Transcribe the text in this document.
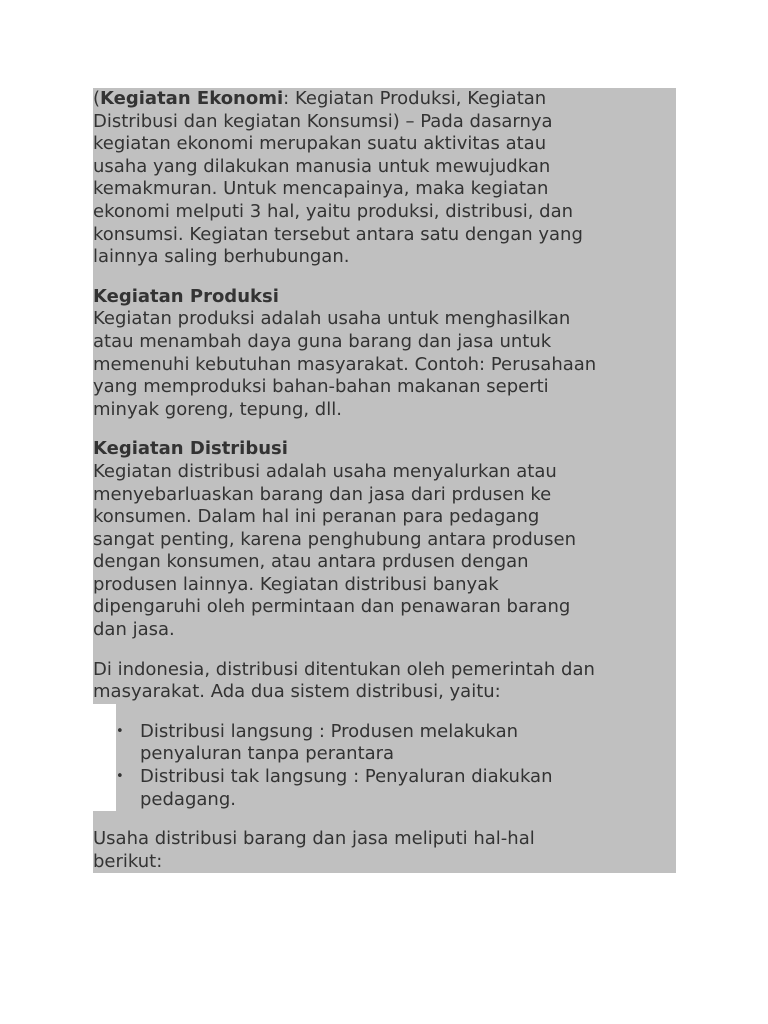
(Kegiatan Ekonomi: Kegiatan Produksi, Kegiatan
Distribusi dan kegiatan Konsumsi) – Pada dasarnya
kegiatan ekonomi merupakan suatu aktivitas atau
usaha yang dilakukan manusia untuk mewujudkan
kemakmuran. Untuk mencapainya, maka kegiatan
ekonomi melputi 3 hal, yaitu produksi, distribusi, dan
konsumsi. Kegiatan tersebut antara satu dengan yang
lainnya saling berhubungan.
Kegiatan Produksi
Kegiatan produksi adalah usaha untuk menghasilkan
atau menambah daya guna barang dan jasa untuk
memenuhi kebutuhan masyarakat. Contoh: Perusahaan
yang memproduksi bahan-bahan makanan seperti
minyak goreng, tepung, dll.
Kegiatan Distribusi
Kegiatan distribusi adalah usaha menyalurkan atau
menyebarluaskan barang dan jasa dari prdusen ke
konsumen. Dalam hal ini peranan para pedagang
sangat penting, karena penghubung antara produsen
dengan konsumen, atau antara prdusen dengan
produsen lainnya. Kegiatan distribusi banyak
dipengaruhi oleh permintaan dan penawaran barang
dan jasa.
Di indonesia, distribusi ditentukan oleh pemerintah dan
masyarakat. Ada dua sistem distribusi, yaitu:
• Distribusi langsung : Produsen melakukan
penyaluran tanpa perantara
• Distribusi tak langsung : Penyaluran diakukan
pedagang.
Usaha distribusi barang dan jasa meliputi hal-hal
berikut:
